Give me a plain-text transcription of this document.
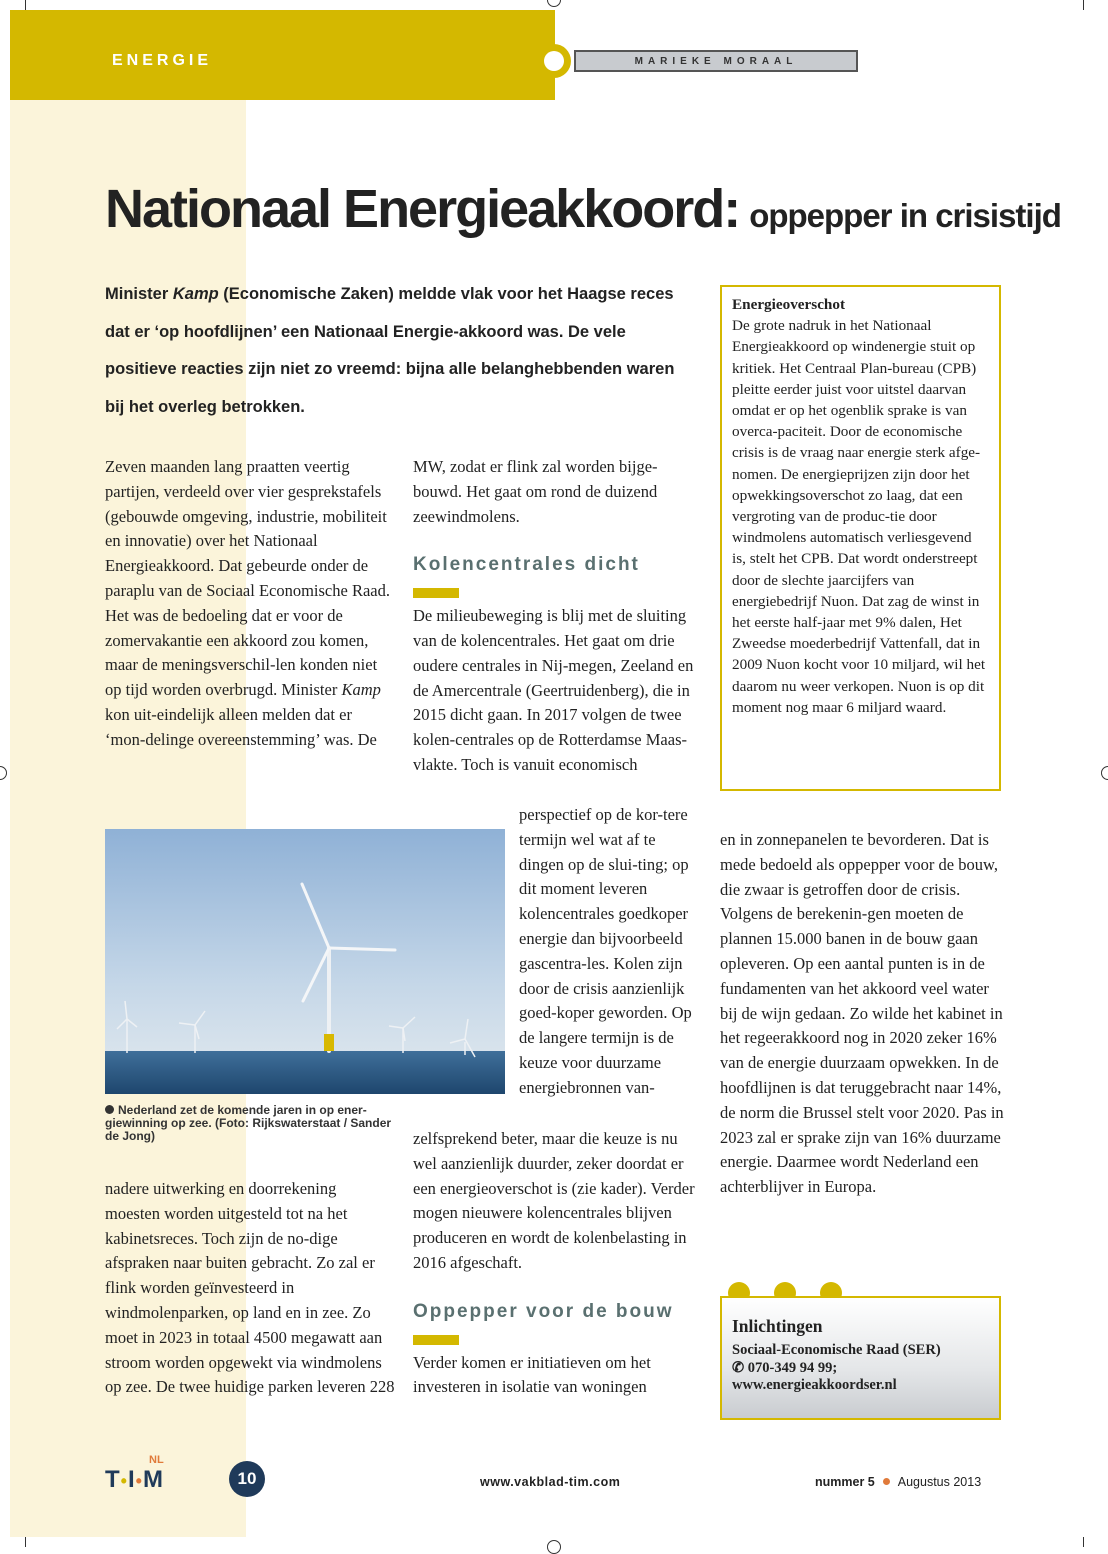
ENERGIE	MARIEKE MORAAL
Nationaal Energieakkoord: oppepper in crisistijd
Minister Kamp (Economische Zaken) meldde vlak voor het Haagse reces dat er ‘op hoofdlijnen’ een Nationaal Energie-akkoord was. De vele positieve reacties zijn niet zo vreemd: bijna alle belanghebbenden waren bij het overleg betrokken.
Zeven maanden lang praatten veertig partijen, verdeeld over vier gesprekstafels (gebouwde omgeving, industrie, mobiliteit en innovatie) over het Nationaal Energieakkoord. Dat gebeurde onder de paraplu van de Sociaal Economische Raad. Het was de bedoeling dat er voor de zomervakantie een akkoord zou komen, maar de meningsverschil-len konden niet op tijd worden overbrugd. Minister Kamp kon uit-eindelijk alleen melden dat er ‘mon-delinge overeenstemming’ was. De
Nederland zet de komende jaren in op ener-giewinning op zee. (Foto: Rijkswaterstaat / Sander de Jong)
nadere uitwerking en doorrekening moesten worden uitgesteld tot na het kabinetsreces. Toch zijn de no-dige afspraken naar buiten gebracht. Zo zal er flink worden geïnvesteerd in windmolenparken, op land en in zee. Zo moet in 2023 in totaal 4500 megawatt aan stroom worden opgewekt via windmolens op zee. De twee huidige parken leveren 228
MW, zodat er flink zal worden bijge-bouwd. Het gaat om rond de duizend zeewindmolens.
Kolencentrales dicht
De milieubeweging is blij met de sluiting van de kolencentrales. Het gaat om drie oudere centrales in Nij-megen, Zeeland en de Amercentrale (Geertruidenberg), die in 2015 dicht gaan. In 2017 volgen de twee kolen-centrales op de Rotterdamse Maas-vlakte. Toch is vanuit economisch
perspectief op de kor-tere termijn wel wat af te dingen op de slui-ting; op dit moment leveren kolencentrales goedkoper energie dan bijvoorbeeld gascentra-les. Kolen zijn door de crisis aanzienlijk goed-koper geworden. Op de langere termijn is de keuze voor duurzame energiebronnen van-
zelfsprekend beter, maar die keuze is nu wel aanzienlijk duurder, zeker doordat er een energieoverschot is (zie kader). Verder mogen nieuwere kolencentrales blijven produceren en wordt de kolenbelasting in 2016 afgeschaft.
Oppepper voor de bouw
Verder komen er initiatieven om het investeren in isolatie van woningen
Energieoverschot
De grote nadruk in het Nationaal Energieakkoord op windenergie stuit op kritiek. Het Centraal Plan-bureau (CPB) pleitte eerder juist voor uitstel daarvan omdat er op het ogenblik sprake is van overca-paciteit. Door de economische crisis is de vraag naar energie sterk afge-nomen. De energieprijzen zijn door het opwekkingsoverschot zo laag, dat een vergroting van de produc-tie door windmolens automatisch verliesgevend is, stelt het CPB. Dat wordt onderstreept door de slechte jaarcijfers van energiebedrijf Nuon. Dat zag de winst in het eerste half-jaar met 9% dalen, Het Zweedse moederbedrijf Vattenfall, dat in 2009 Nuon kocht voor 10 miljard, wil het daarom nu weer verkopen. Nuon is op dit moment nog maar 6 miljard waard.
en in zonnepanelen te bevorderen. Dat is mede bedoeld als oppepper voor de bouw, die zwaar is getroffen door de crisis. Volgens de berekenin-gen moeten de plannen 15.000 banen in de bouw gaan opleveren. Op een aantal punten is in de fundamenten van het akkoord veel water bij de wijn gedaan. Zo wilde het kabinet in het regeerakkoord nog in 2020 zeker 16% van de energie duurzaam opwekken. In de hoofdlijnen is dat teruggebracht naar 14%, de norm die Brussel stelt voor 2020. Pas in 2023 zal er sprake zijn van 16% duurzame energie. Daarmee wordt Nederland een achterblijver in Europa.
Inlichtingen
Sociaal-Economische Raad (SER)
✆ 070-349 94 99;
www.energieakkoordser.nl
NL
T•I•M	10	www.vakblad-tim.com	nummer 5 Augustus 2013
